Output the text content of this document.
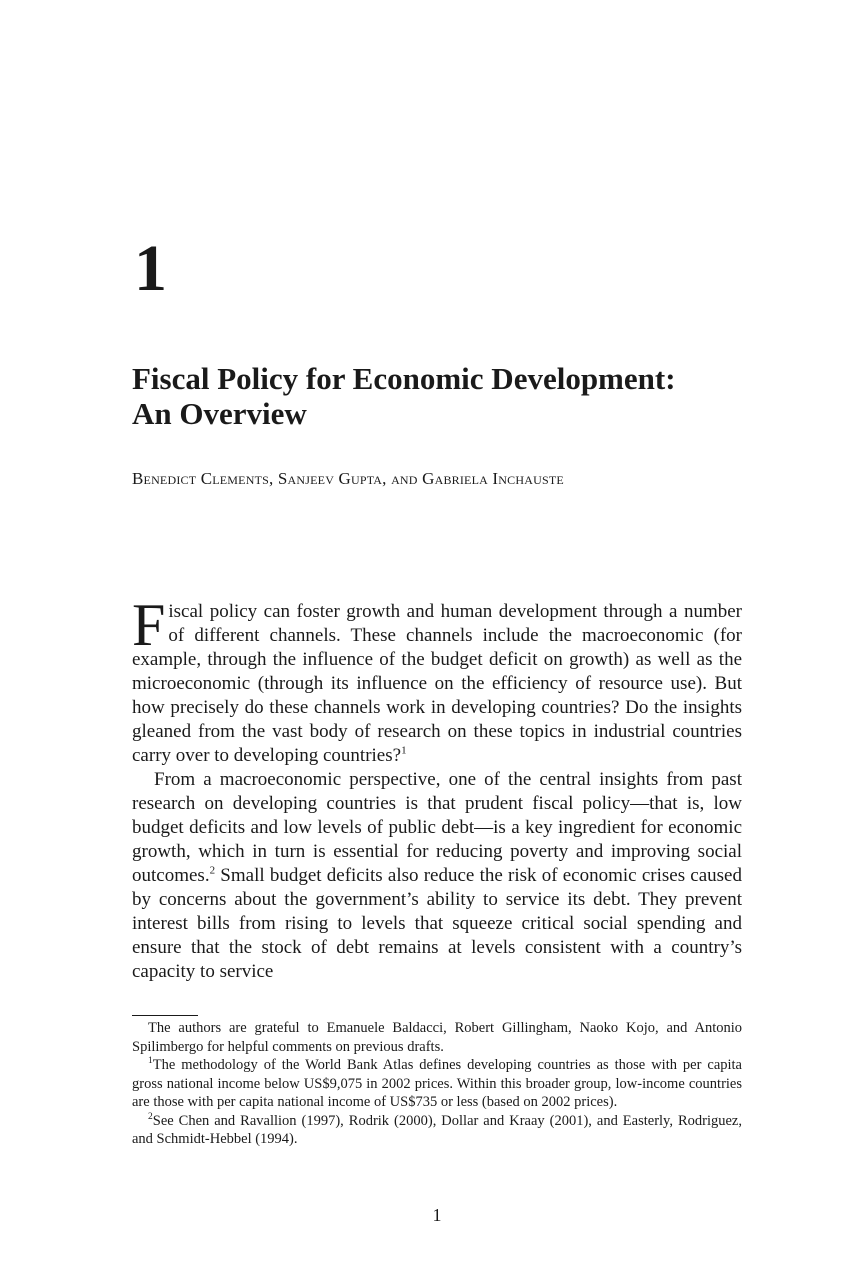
1
Fiscal Policy for Economic Development:
An Overview

Benedict Clements, Sanjeev Gupta, and Gabriela Inchauste

Fiscal policy can foster growth and human development through a number of different channels. These channels include the macroeconomic (for example, through the influence of the budget deficit on growth) as well as the microeconomic (through its influence on the efficiency of resource use). But how precisely do these channels work in developing countries? Do the insights gleaned from the vast body of research on these topics in industrial countries carry over to developing countries?$^1$

From a macroeconomic perspective, one of the central insights from past research on developing countries is that prudent fiscal policy—that is, low budget deficits and low levels of public debt—is a key ingredient for economic growth, which in turn is essential for reducing poverty and improving social outcomes.$^2$ Small budget deficits also reduce the risk of economic crises caused by concerns about the government’s ability to service its debt. They prevent interest bills from rising to levels that squeeze critical social spending and ensure that the stock of debt remains at levels consistent with a country’s capacity to service

The authors are grateful to Emanuele Baldacci, Robert Gillingham, Naoko Kojo, and Antonio Spilimbergo for helpful comments on previous drafts.

$^1$The methodology of the World Bank Atlas defines developing countries as those with per capita gross national income below US$9,075 in 2002 prices. Within this broader group, low-income countries are those with per capita national income of US$735 or less (based on 2002 prices).

$^2$See Chen and Ravallion (1997), Rodrik (2000), Dollar and Kraay (2001), and Easterly, Rodriguez, and Schmidt-Hebbel (1994).

1
